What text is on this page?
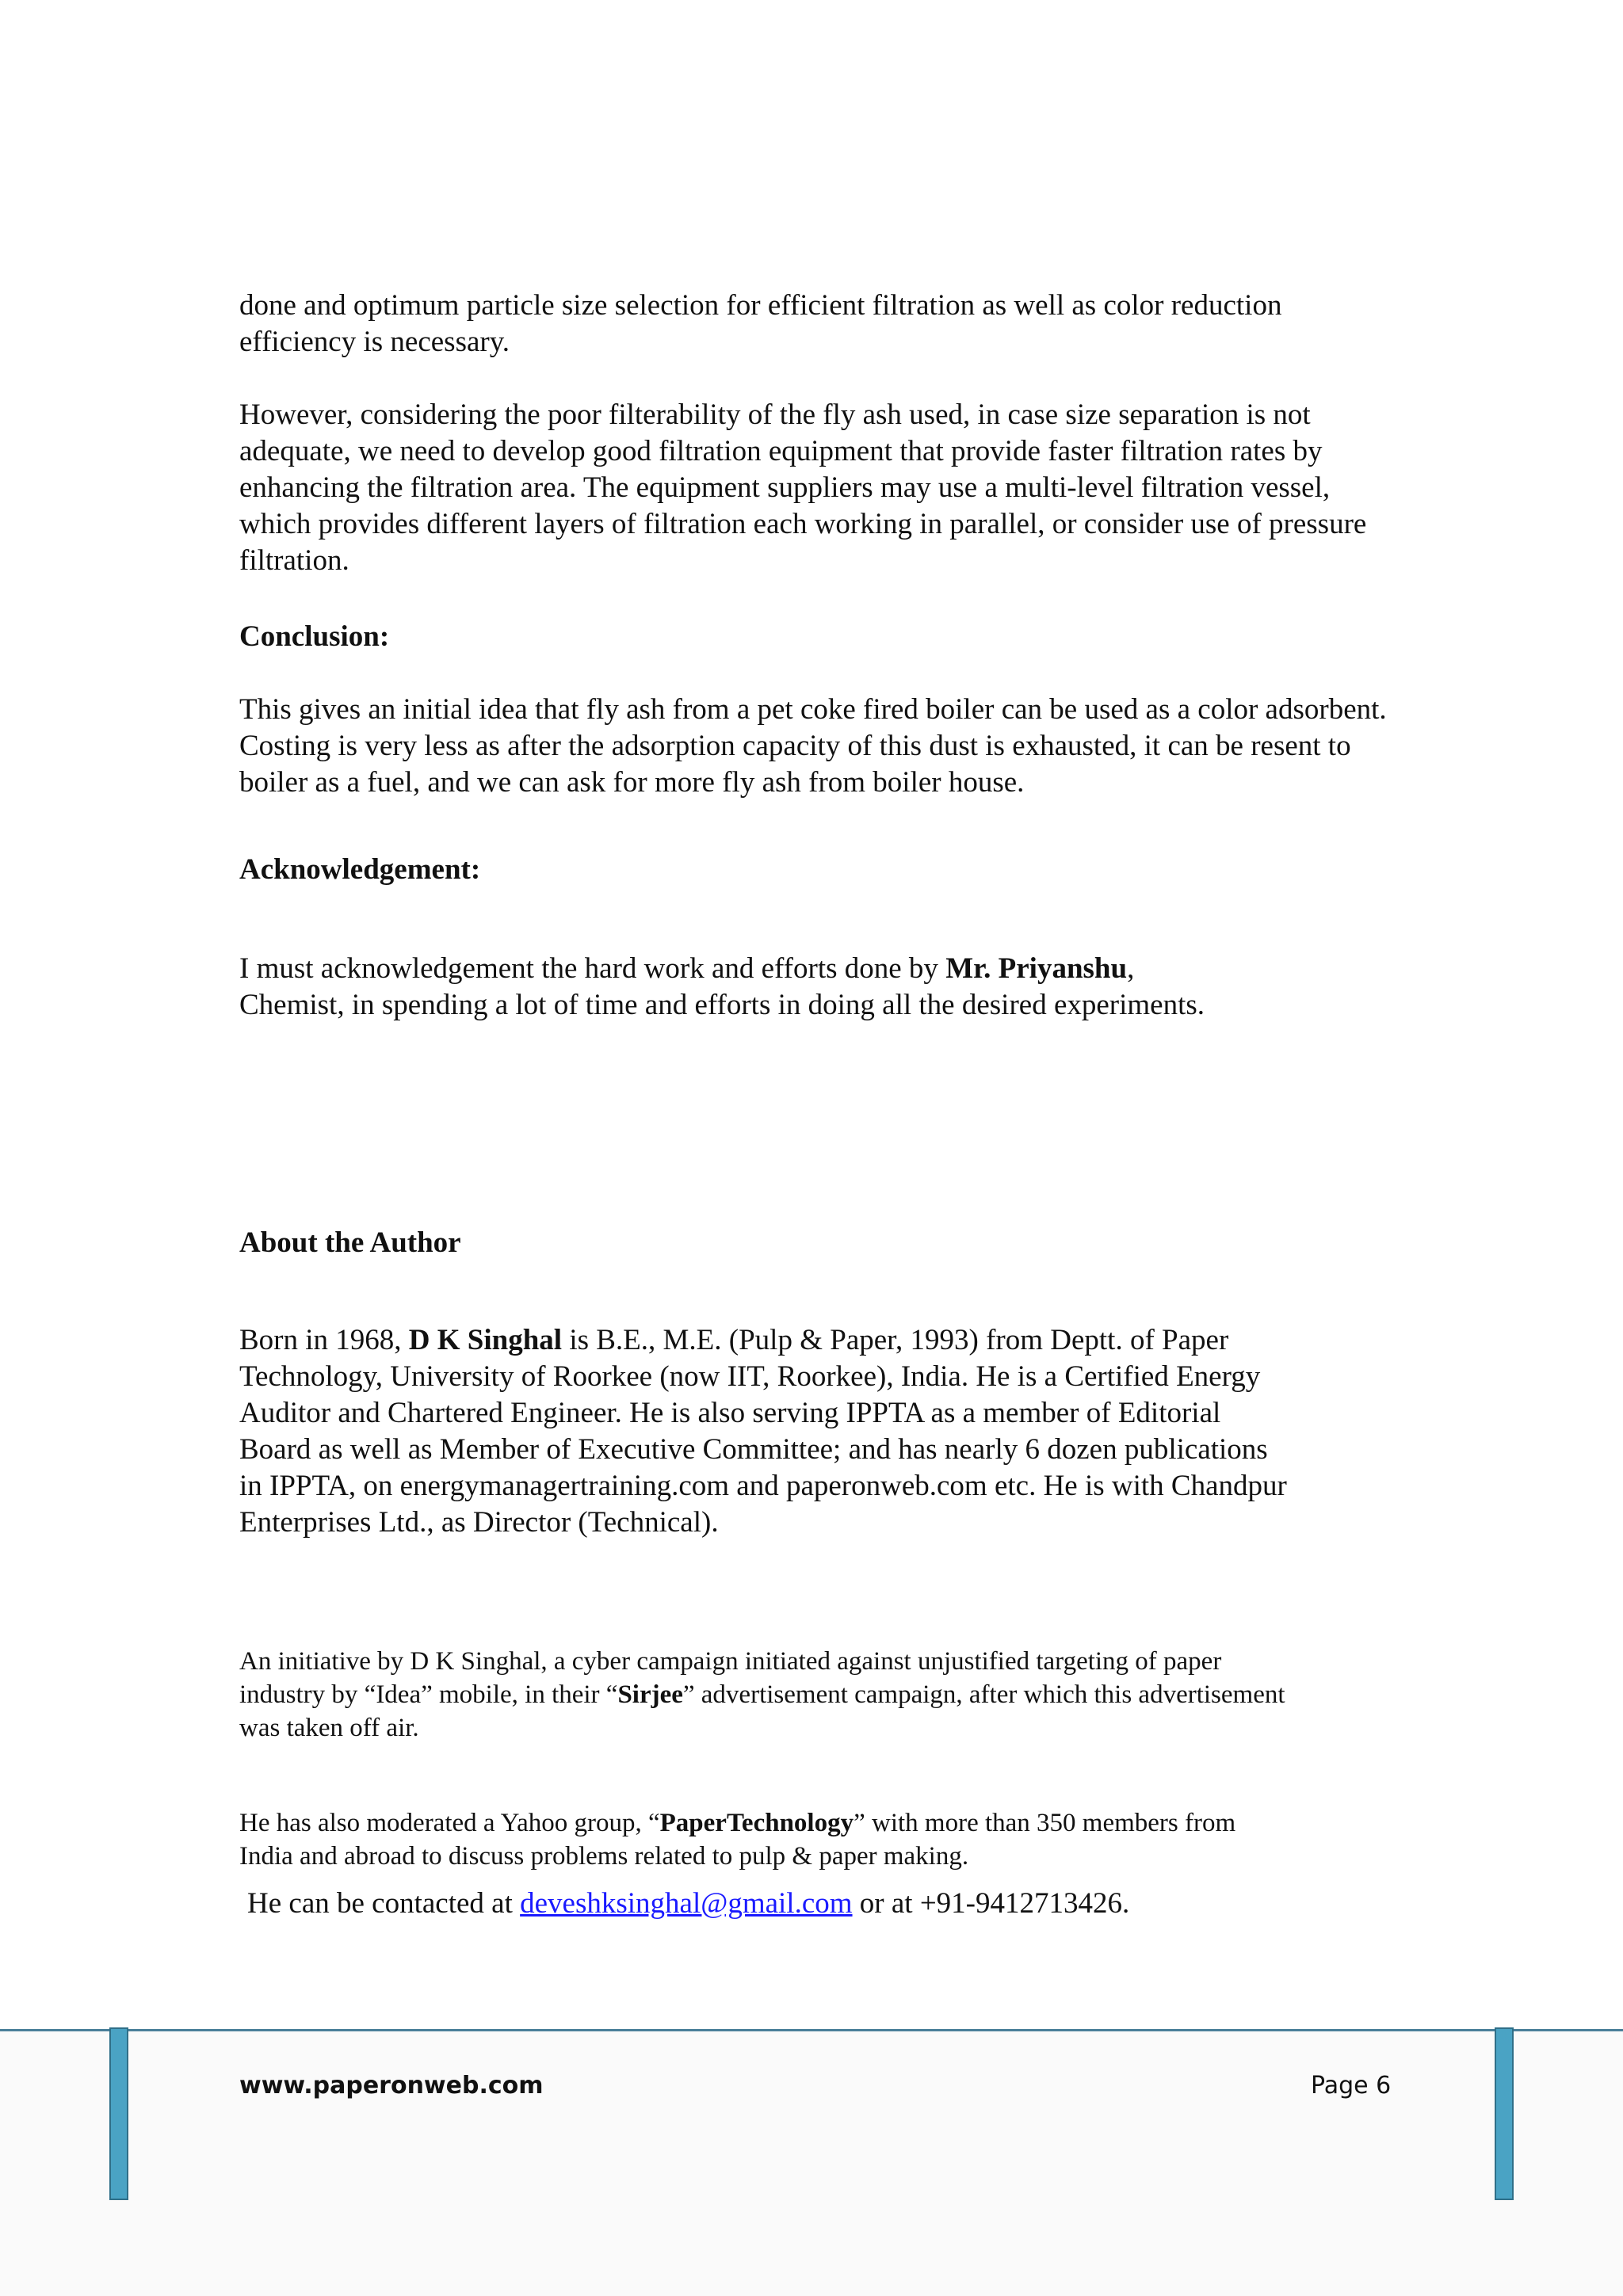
done and optimum particle size selection for efficient filtration as well as color reduction efficiency is necessary.

However, considering the poor filterability of the fly ash used, in case size separation is not adequate, we need to develop good filtration equipment that provide faster filtration rates by enhancing the filtration area. The equipment suppliers may use a multi-level filtration vessel, which provides different layers of filtration each working in parallel, or consider use of pressure filtration.

Conclusion:

This gives an initial idea that fly ash from a pet coke fired boiler can be used as a color adsorbent. Costing is very less as after the adsorption capacity of this dust is exhausted, it can be resent to boiler as a fuel, and we can ask for more fly ash from boiler house.

Acknowledgement:

I must acknowledgement the hard work and efforts done by Mr. Priyanshu, Chemist, in spending a lot of time and efforts in doing all the desired experiments.

About the Author

Born in 1968, D K Singhal is B.E., M.E. (Pulp & Paper, 1993) from Deptt. of Paper Technology, University of Roorkee (now IIT, Roorkee), India. He is a Certified Energy Auditor and Chartered Engineer. He is also serving IPPTA as a member of Editorial Board as well as Member of Executive Committee; and has nearly 6 dozen publications in IPPTA, on energymanagertraining.com and paperonweb.com etc. He is with Chandpur Enterprises Ltd., as Director (Technical).

An initiative by D K Singhal, a cyber campaign initiated against unjustified targeting of paper industry by “Idea” mobile, in their “Sirjee” advertisement campaign, after which this advertisement was taken off air.

He has also moderated a Yahoo group, “PaperTechnology” with more than 350 members from India and abroad to discuss problems related to pulp & paper making.

He can be contacted at deveshksinghal@gmail.com or at +91-9412713426.

www.paperonweb.com	Page 6
